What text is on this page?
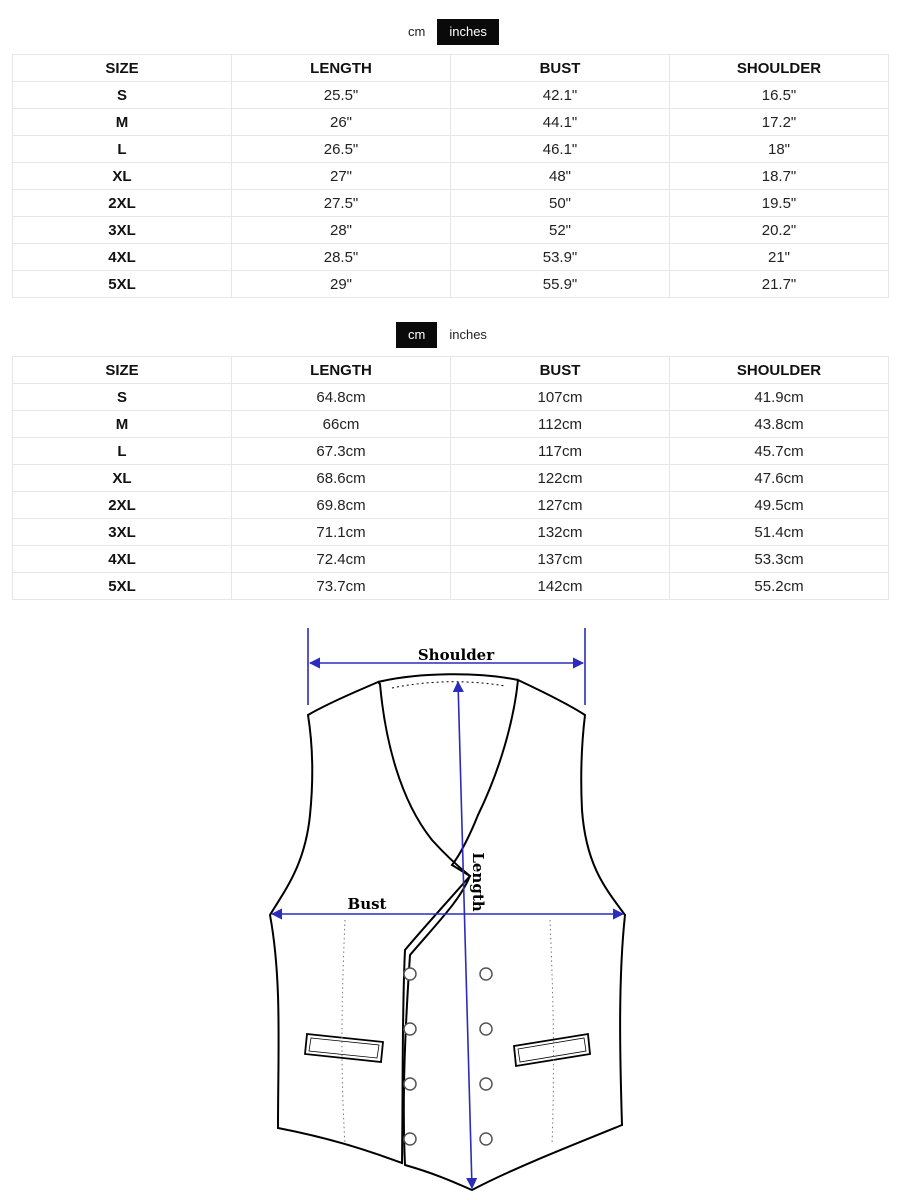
cm	inches
SIZE	LENGTH	BUST	SHOULDER
S	25.5"	42.1"	16.5"
M	26"	44.1"	17.2"
L	26.5"	46.1"	18"
XL	27"	48"	18.7"
2XL	27.5"	50"	19.5"
3XL	28"	52"	20.2"
4XL	28.5"	53.9"	21"
5XL	29"	55.9"	21.7"
cm	inches
SIZE	LENGTH	BUST	SHOULDER
S	64.8cm	107cm	41.9cm
M	66cm	112cm	43.8cm
L	67.3cm	117cm	45.7cm
XL	68.6cm	122cm	47.6cm
2XL	69.8cm	127cm	49.5cm
3XL	71.1cm	132cm	51.4cm
4XL	72.4cm	137cm	53.3cm
5XL	73.7cm	142cm	55.2cm
Shoulder
Bust	Length
